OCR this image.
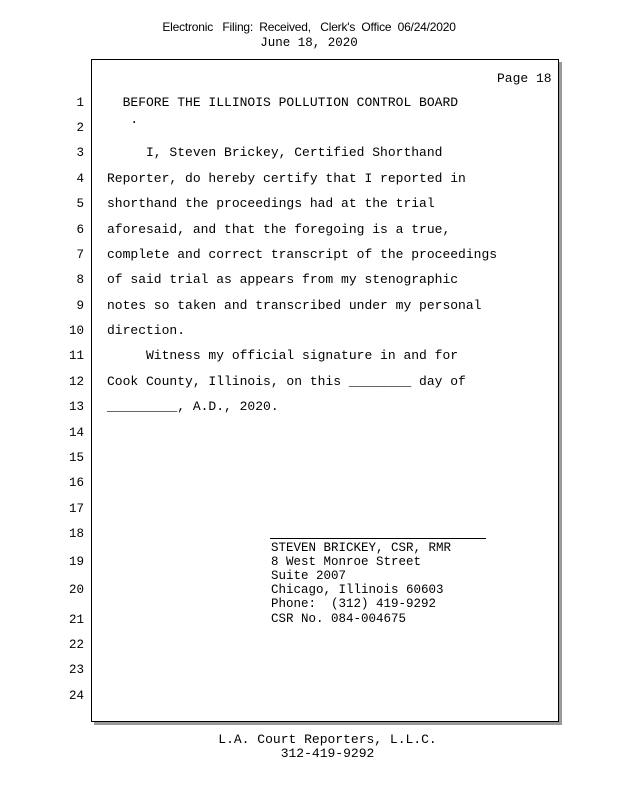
Electronic   Filing:  Received,   Clerk's  Office  06/24/2020
June 18, 2020
Page 18
1
2
3
4
5
6
7
8
9
10
11
12
13
14
15
16
17
18
19
20
21
22
23
24
BEFORE THE ILLINOIS POLLUTION CONTROL BOARD
.
I, Steven Brickey, Certified Shorthand
Reporter, do hereby certify that I reported in
shorthand the proceedings had at the trial
aforesaid, and that the foregoing is a true,
complete and correct transcript of the proceedings
of said trial as appears from my stenographic
notes so taken and transcribed under my personal
direction.
Witness my official signature in and for
Cook County, Illinois, on this ________ day of
_________, A.D., 2020.
STEVEN BRICKEY, CSR, RMR
8 West Monroe Street
Suite 2007
Chicago, Illinois 60603
Phone:  (312) 419-9292
CSR No. 084-004675
L.A. Court Reporters, L.L.C.
312-419-9292
